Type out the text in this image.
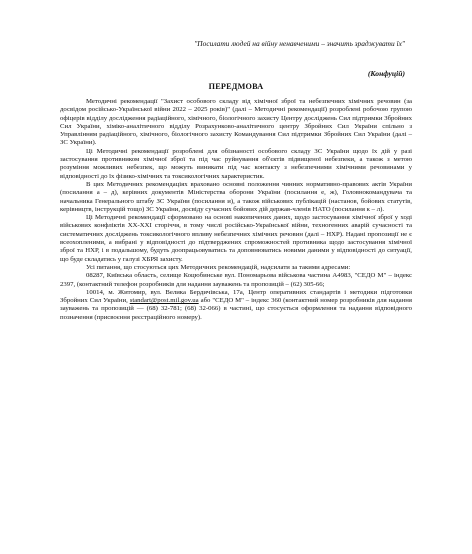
"Посилати людей на війну ненавченими – значить зраджувати їх"
(Конфуцій)
ПЕРЕДМОВА

Методичні рекомендації "Захист особового складу від хімічної зброї та небезпечних хімічних речовин (за досвідом російсько-Української війни 2022 – 2025 років)" (далі – Методичні рекомендації) розроблені робочою групою офіцерів відділу дослідження радіаційного, хімічного, біологічного захисту Центру досліджень Сил підтримки Збройних Сил України, хіміко-аналітичного відділу Розрахунково-аналітичного центру Збройних Сил України спільно з Управлінням радіаційного, хімічного, біологічного захисту Командування Сил підтримки Збройних Сил України (далі – ЗС України).

Ці Методичні рекомендації розроблені для обізнаності особового складу ЗС України щодо їх дій у разі застосування противником хімічної зброї та під час руйнування об'єктів підвищеної небезпеки, а також з метою розуміння можливих небезпек, що можуть виникати під час контакту з небезпечними хімічними речовинами у відповідності до їх фізико-хімічних та токсикологічних характеристик.

В цих Методичних рекомендаціях враховано основні положення чинних нормативно-правових актів України (посилання а – д), керівних документів Міністерства оборони України (посилання е, ж), Головнокомандувача та начальника Генерального штабу ЗС України (посилання и), а також військових публікацій (настанов, бойових статутів, керівництв, інструкцій тощо) ЗС України, досвіду сучасних бойових дій держав-членів НАТО (посилання к – л).

Ці Методичні рекомендації сформовано на основі накопичених даних, щодо застосування хімічної зброї у ході військових конфліктів XX-XXI сторіччя, в тому числі російсько-Української війни, техногенних аварій сучасності та систематичних досліджень токсикологічного впливу небезпечних хімічних речовин (далі – НХР). Надані пропозиції не є всеохопленими, а вибрані у відповідності до підтверджених спроможностей противника щодо застосування хімічної зброї та НХР, і в подальшому, будуть доопрацьовуватись та доповнюватись новими даними у відповідності до ситуації, що буде складатись у галузі ХБРЯ захисту.

Усі питання, що стосуються цих Методичних рекомендацій, надсилати за такими адресами:

08287, Київська область, селище Коцюбинське вул. Пономарьова військова частина А4983, "СЕДО М" – індекс 2397, (контактний телефон розробників для надання зауважень та пропозицій – (62) 305-66;

10014, м. Житомир, вул. Велика Бердичівська, 17а, Центр оперативних стандартів і методики підготовки Збройних Сил України, standart@post.mil.gov.ua або "СЕДО М" – індекс 360 (контактний номер розробників для надання зауважень та пропозицій — (68) 32-781; (68) 32-066) в частині, що стосується оформлення та надання відповідного позначення (присвоєння реєстраційного номеру).
